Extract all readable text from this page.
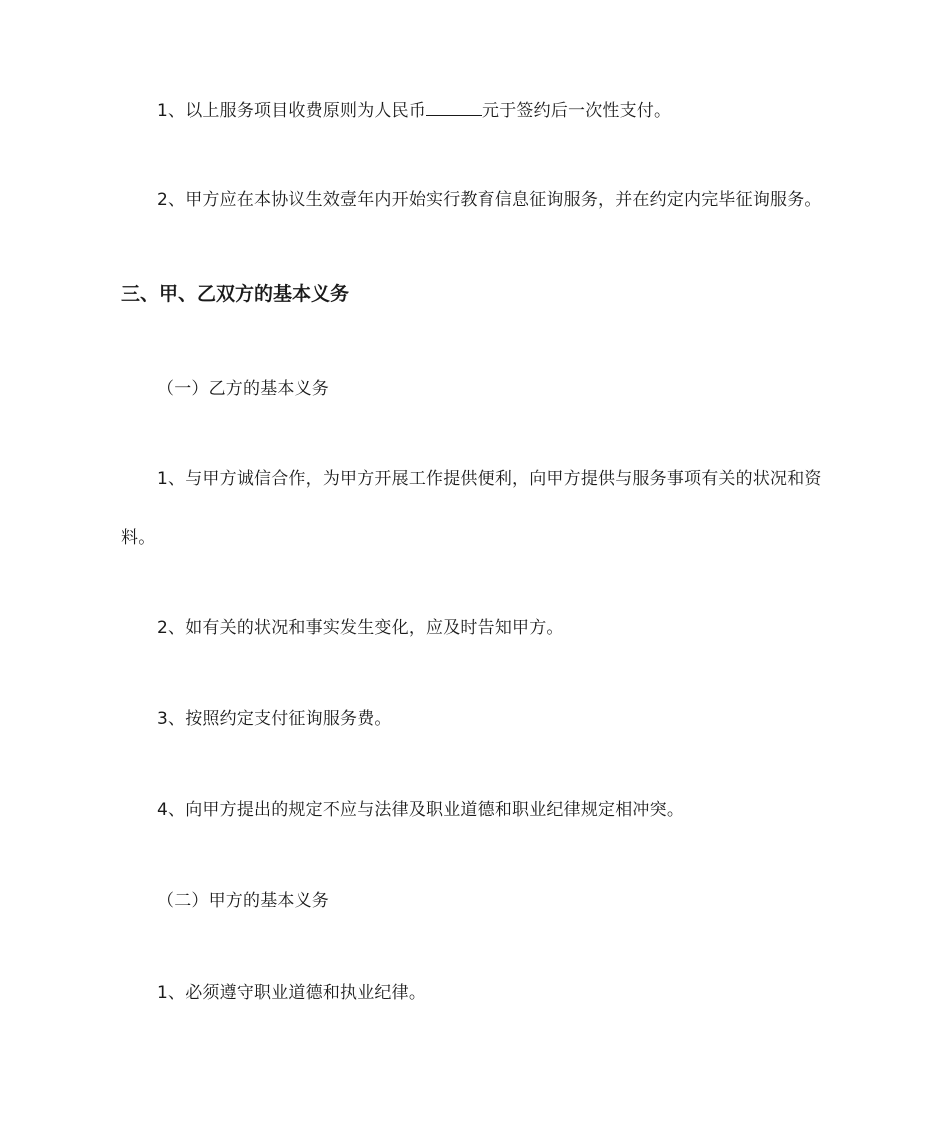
1、以上服务项目收费原则为人民币	元于签约后一次性支付。
2、甲方应在本协议生效壹年内开始实行教育信息征询服务，并在约定内完毕征询服务。
三、甲、乙双方的基本义务
（一）乙方的基本义务
1、与甲方诚信合作，为甲方开展工作提供便利，向甲方提供与服务事项有关的状况和资
料。
2、如有关的状况和事实发生变化，应及时告知甲方。
3、按照约定支付征询服务费。
4、向甲方提出的规定不应与法律及职业道德和职业纪律规定相冲突。
（二）甲方的基本义务
1、必须遵守职业道德和执业纪律。
